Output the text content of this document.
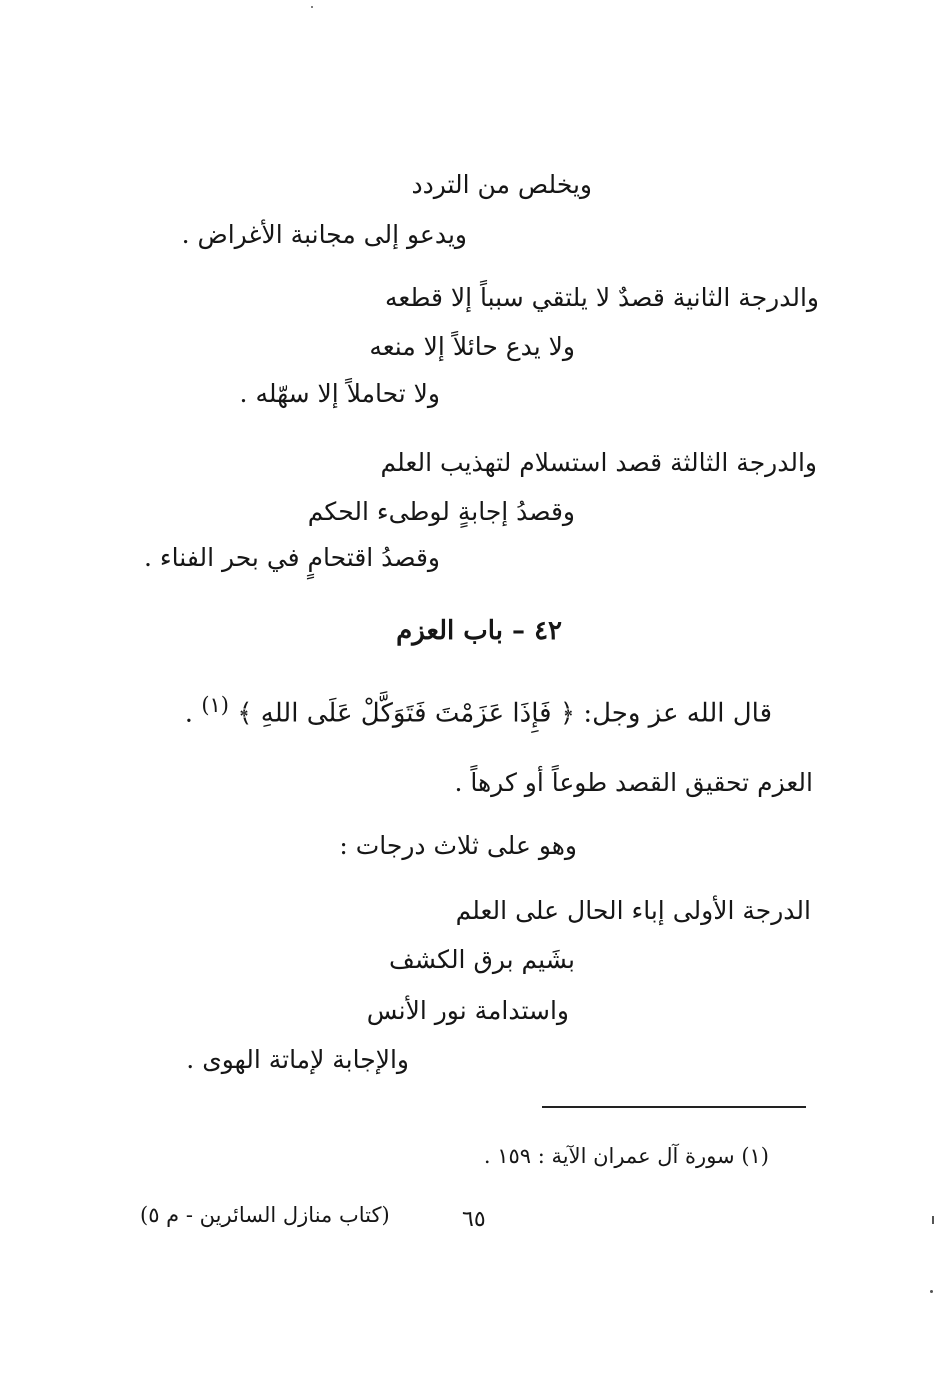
ويخلص من التردد
ويدعو إلى مجانبة الأغراض .
والدرجة الثانية قصدٌ لا يلتقي سبباً إلا قطعه
ولا يدع حائلاً إلا منعه
ولا تحاملاً إلا سهّله .
والدرجة الثالثة قصد استسلام لتهذيب العلم
وقصدُ إجابةٍ لوطىء الحكم
وقصدُ اقتحامٍ في بحر الفناء .
٤٢ – باب العزم
قال الله عز وجل: ﴿ فَإِذَا عَزَمْتَ فَتَوَكَّلْ عَلَى اللهِ ﴾ $^{(١)}$ .
العزم تحقيق القصد طوعاً أو كرهاً .
وهو على ثلاث درجات :
الدرجة الأولى إباء الحال على العلم
بشَيم برق الكشف
واستدامة نور الأنس
والإجابة لإماتة الهوى .
(١) سورة آل عمران الآية : ١٥٩ .
٦٥
(كتاب منازل السائرين - م ٥)
